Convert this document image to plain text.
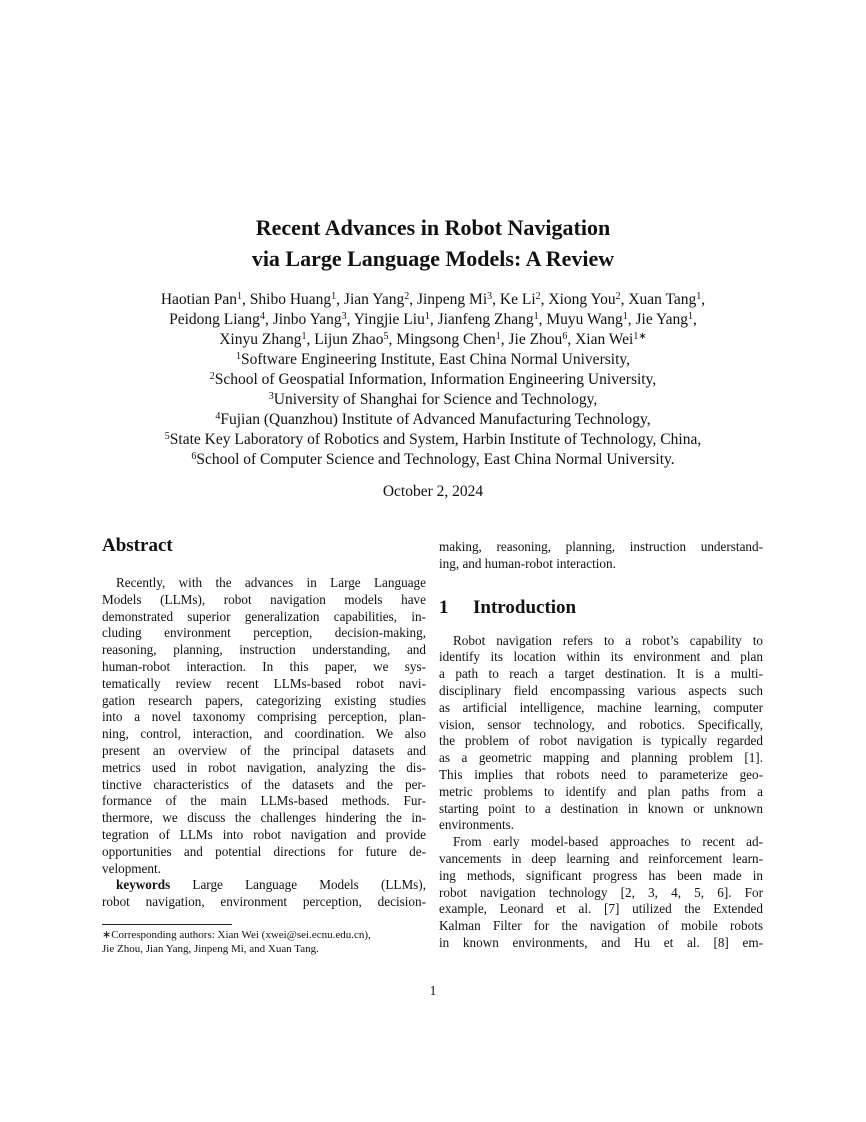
Recent Advances in Robot Navigation
via Large Language Models: A Review
Haotian Pan$^1$, Shibo Huang$^1$, Jian Yang$^2$, Jinpeng Mi$^3$, Ke Li$^2$, Xiong You$^2$, Xuan Tang$^1$,
Peidong Liang$^4$, Jinbo Yang$^3$, Yingjie Liu$^1$, Jianfeng Zhang$^1$, Muyu Wang$^1$, Jie Yang$^1$,
Xinyu Zhang$^1$, Lijun Zhao$^5$, Mingsong Chen$^1$, Jie Zhou$^6$, Xian Wei$^{1∗}$
$^1$Software Engineering Institute, East China Normal University,
$^2$School of Geospatial Information, Information Engineering University,
$^3$University of Shanghai for Science and Technology,
$^4$Fujian (Quanzhou) Institute of Advanced Manufacturing Technology,
$^5$State Key Laboratory of Robotics and System, Harbin Institute of Technology, China,
$^6$School of Computer Science and Technology, East China Normal University.
October 2, 2024
Abstract
Recently, with the advances in Large Language
Models (LLMs), robot navigation models have
demonstrated superior generalization capabilities, in-
cluding environment perception, decision-making,
reasoning, planning, instruction understanding, and
human-robot interaction. In this paper, we sys-
tematically review recent LLMs-based robot navi-
gation research papers, categorizing existing studies
into a novel taxonomy comprising perception, plan-
ning, control, interaction, and coordination. We also
present an overview of the principal datasets and
metrics used in robot navigation, analyzing the dis-
tinctive characteristics of the datasets and the per-
formance of the main LLMs-based methods. Fur-
thermore, we discuss the challenges hindering the in-
tegration of LLMs into robot navigation and provide
opportunities and potential directions for future de-
velopment.
keywords Large Language Models (LLMs),
robot navigation, environment perception, decision-
making, reasoning, planning, instruction understand-
ing, and human-robot interaction.
1 Introduction
Robot navigation refers to a robot’s capability to
identify its location within its environment and plan
a path to reach a target destination. It is a multi-
disciplinary field encompassing various aspects such
as artificial intelligence, machine learning, computer
vision, sensor technology, and robotics. Specifically,
the problem of robot navigation is typically regarded
as a geometric mapping and planning problem [1].
This implies that robots need to parameterize geo-
metric problems to identify and plan paths from a
starting point to a destination in known or unknown
environments.
From early model-based approaches to recent ad-
vancements in deep learning and reinforcement learn-
ing methods, significant progress has been made in
robot navigation technology [2, 3, 4, 5, 6]. For
example, Leonard et al. [7] utilized the Extended
Kalman Filter for the navigation of mobile robots
in known environments, and Hu et al. [8] em-
∗Corresponding authors: Xian Wei (xwei@sei.ecnu.edu.cn),
Jie Zhou, Jian Yang, Jinpeng Mi, and Xuan Tang.
1
